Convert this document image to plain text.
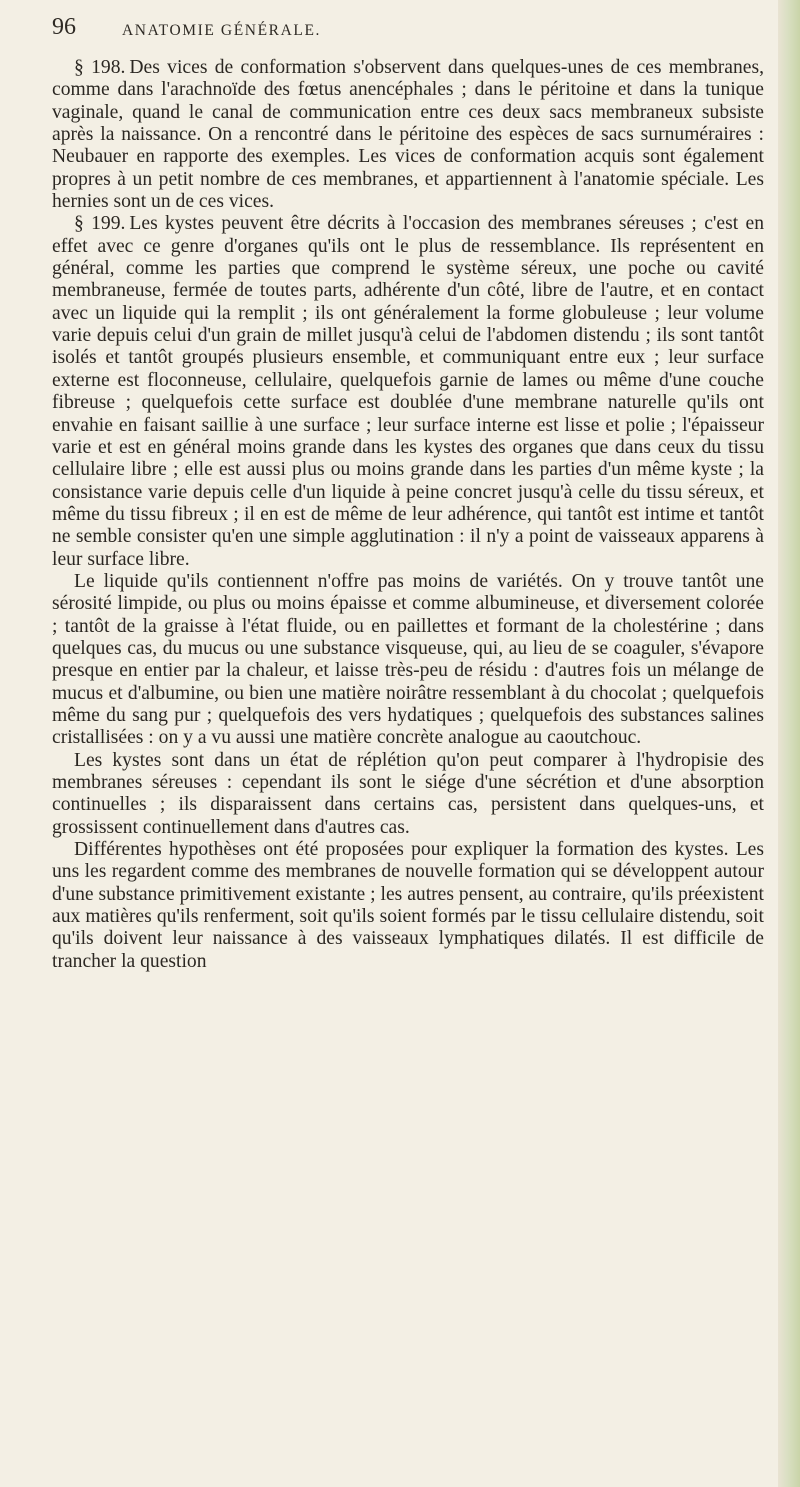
96	ANATOMIE GÉNÉRALE.

§ 198. Des vices de conformation s'observent dans quelques-unes de ces membranes, comme dans l'arachnoïde des fœtus anencéphales ; dans le péritoine et dans la tunique vaginale, quand le canal de communication entre ces deux sacs membraneux subsiste après la naissance. On a rencontré dans le péritoine des espèces de sacs surnuméraires : Neubauer en rapporte des exemples. Les vices de conformation acquis sont également propres à un petit nombre de ces membranes, et appartiennent à l'anatomie spéciale. Les hernies sont un de ces vices.

§ 199. Les kystes peuvent être décrits à l'occasion des membranes séreuses ; c'est en effet avec ce genre d'organes qu'ils ont le plus de ressemblance. Ils représentent en général, comme les parties que comprend le système séreux, une poche ou cavité membraneuse, fermée de toutes parts, adhérente d'un côté, libre de l'autre, et en contact avec un liquide qui la remplit ; ils ont généralement la forme globuleuse ; leur volume varie depuis celui d'un grain de millet jusqu'à celui de l'abdomen distendu ; ils sont tantôt isolés et tantôt groupés plusieurs ensemble, et communiquant entre eux ; leur surface externe est floconneuse, cellulaire, quelquefois garnie de lames ou même d'une couche fibreuse ; quelquefois cette surface est doublée d'une membrane naturelle qu'ils ont envahie en faisant saillie à une surface ; leur surface interne est lisse et polie ; l'épaisseur varie et est en général moins grande dans les kystes des organes que dans ceux du tissu cellulaire libre ; elle est aussi plus ou moins grande dans les parties d'un même kyste ; la consistance varie depuis celle d'un liquide à peine concret jusqu'à celle du tissu séreux, et même du tissu fibreux ; il en est de même de leur adhérence, qui tantôt est intime et tantôt ne semble consister qu'en une simple agglutination : il n'y a point de vaisseaux apparens à leur surface libre.

Le liquide qu'ils contiennent n'offre pas moins de variétés. On y trouve tantôt une sérosité limpide, ou plus ou moins épaisse et comme albumineuse, et diversement colorée ; tantôt de la graisse à l'état fluide, ou en paillettes et formant de la cholestérine ; dans quelques cas, du mucus ou une substance visqueuse, qui, au lieu de se coaguler, s'évapore presque en entier par la chaleur, et laisse très-peu de résidu : d'autres fois un mélange de mucus et d'albumine, ou bien une matière noirâtre ressemblant à du chocolat ; quelquefois même du sang pur ; quelquefois des vers hydatiques ; quelquefois des substances salines cristallisées : on y a vu aussi une matière concrète analogue au caoutchouc.

Les kystes sont dans un état de réplétion qu'on peut comparer à l'hydropisie des membranes séreuses : cependant ils sont le siége d'une sécrétion et d'une absorption continuelles ; ils disparaissent dans certains cas, persistent dans quelques-uns, et grossissent continuellement dans d'autres cas.

Différentes hypothèses ont été proposées pour expliquer la formation des kystes. Les uns les regardent comme des membranes de nouvelle formation qui se développent autour d'une substance primitivement existante ; les autres pensent, au contraire, qu'ils préexistent aux matières qu'ils renferment, soit qu'ils soient formés par le tissu cellulaire distendu, soit qu'ils doivent leur naissance à des vaisseaux lymphatiques dilatés. Il est difficile de trancher la question
